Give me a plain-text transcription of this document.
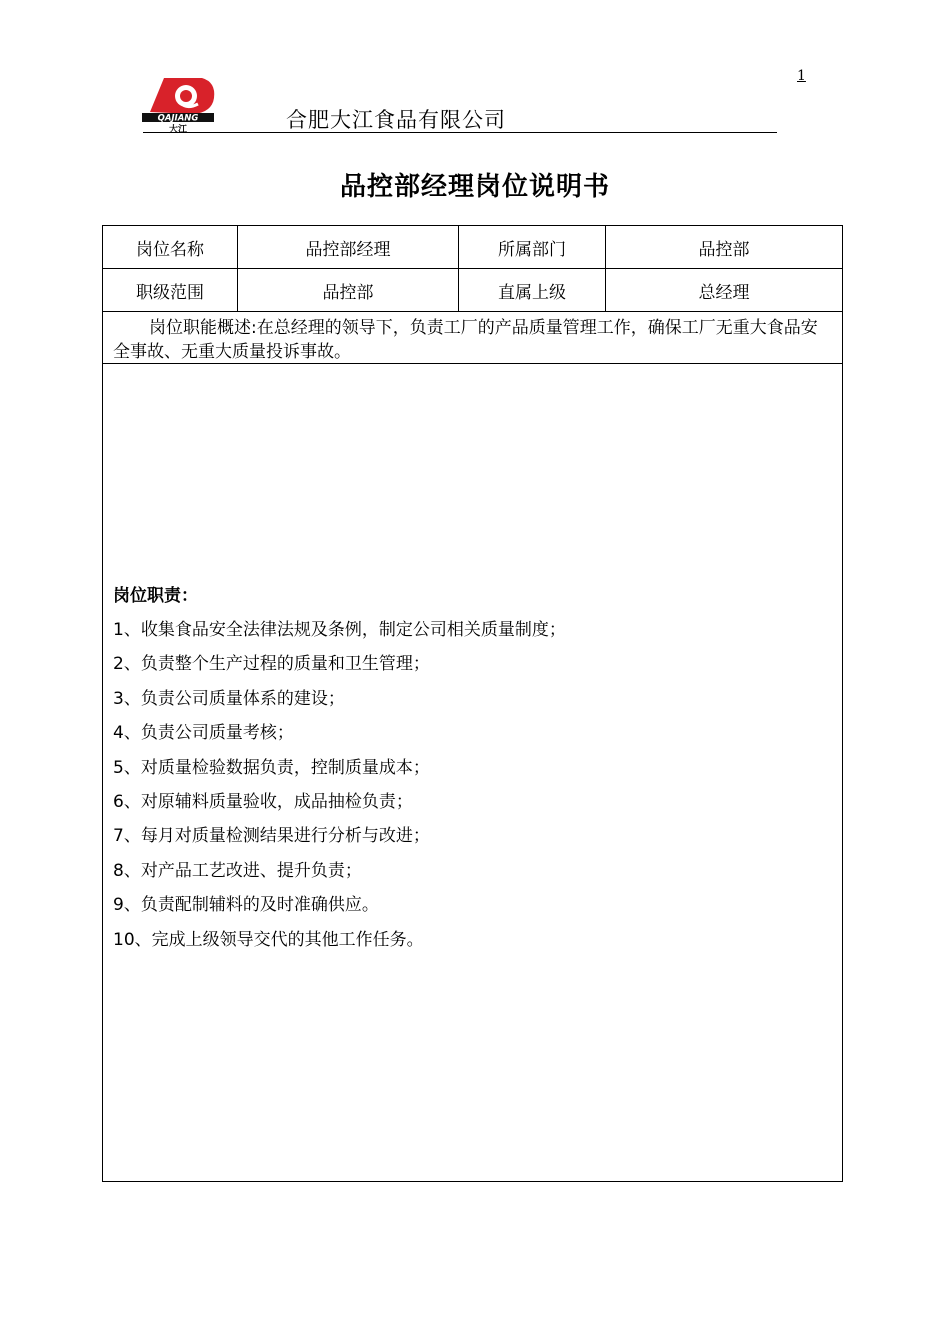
1
QAJIANG
大江	合肥大江食品有限公司
品控部经理岗位说明书
岗位名称	品控部经理	所属部门	品控部
职级范围	品控部	直属上级	总经理
岗位职能概述:在总经理的领导下，负责工厂的产品质量管理工作，确保工厂无重大食品安全事故、无重大质量投诉事故。
岗位职责：
1、收集食品安全法律法规及条例，制定公司相关质量制度；
2、负责整个生产过程的质量和卫生管理；
3、负责公司质量体系的建设；
4、负责公司质量考核；
5、对质量检验数据负责，控制质量成本；
6、对原辅料质量验收，成品抽检负责；
7、每月对质量检测结果进行分析与改进；
8、对产品工艺改进、提升负责；
9、负责配制辅料的及时准确供应。
10、完成上级领导交代的其他工作任务。
